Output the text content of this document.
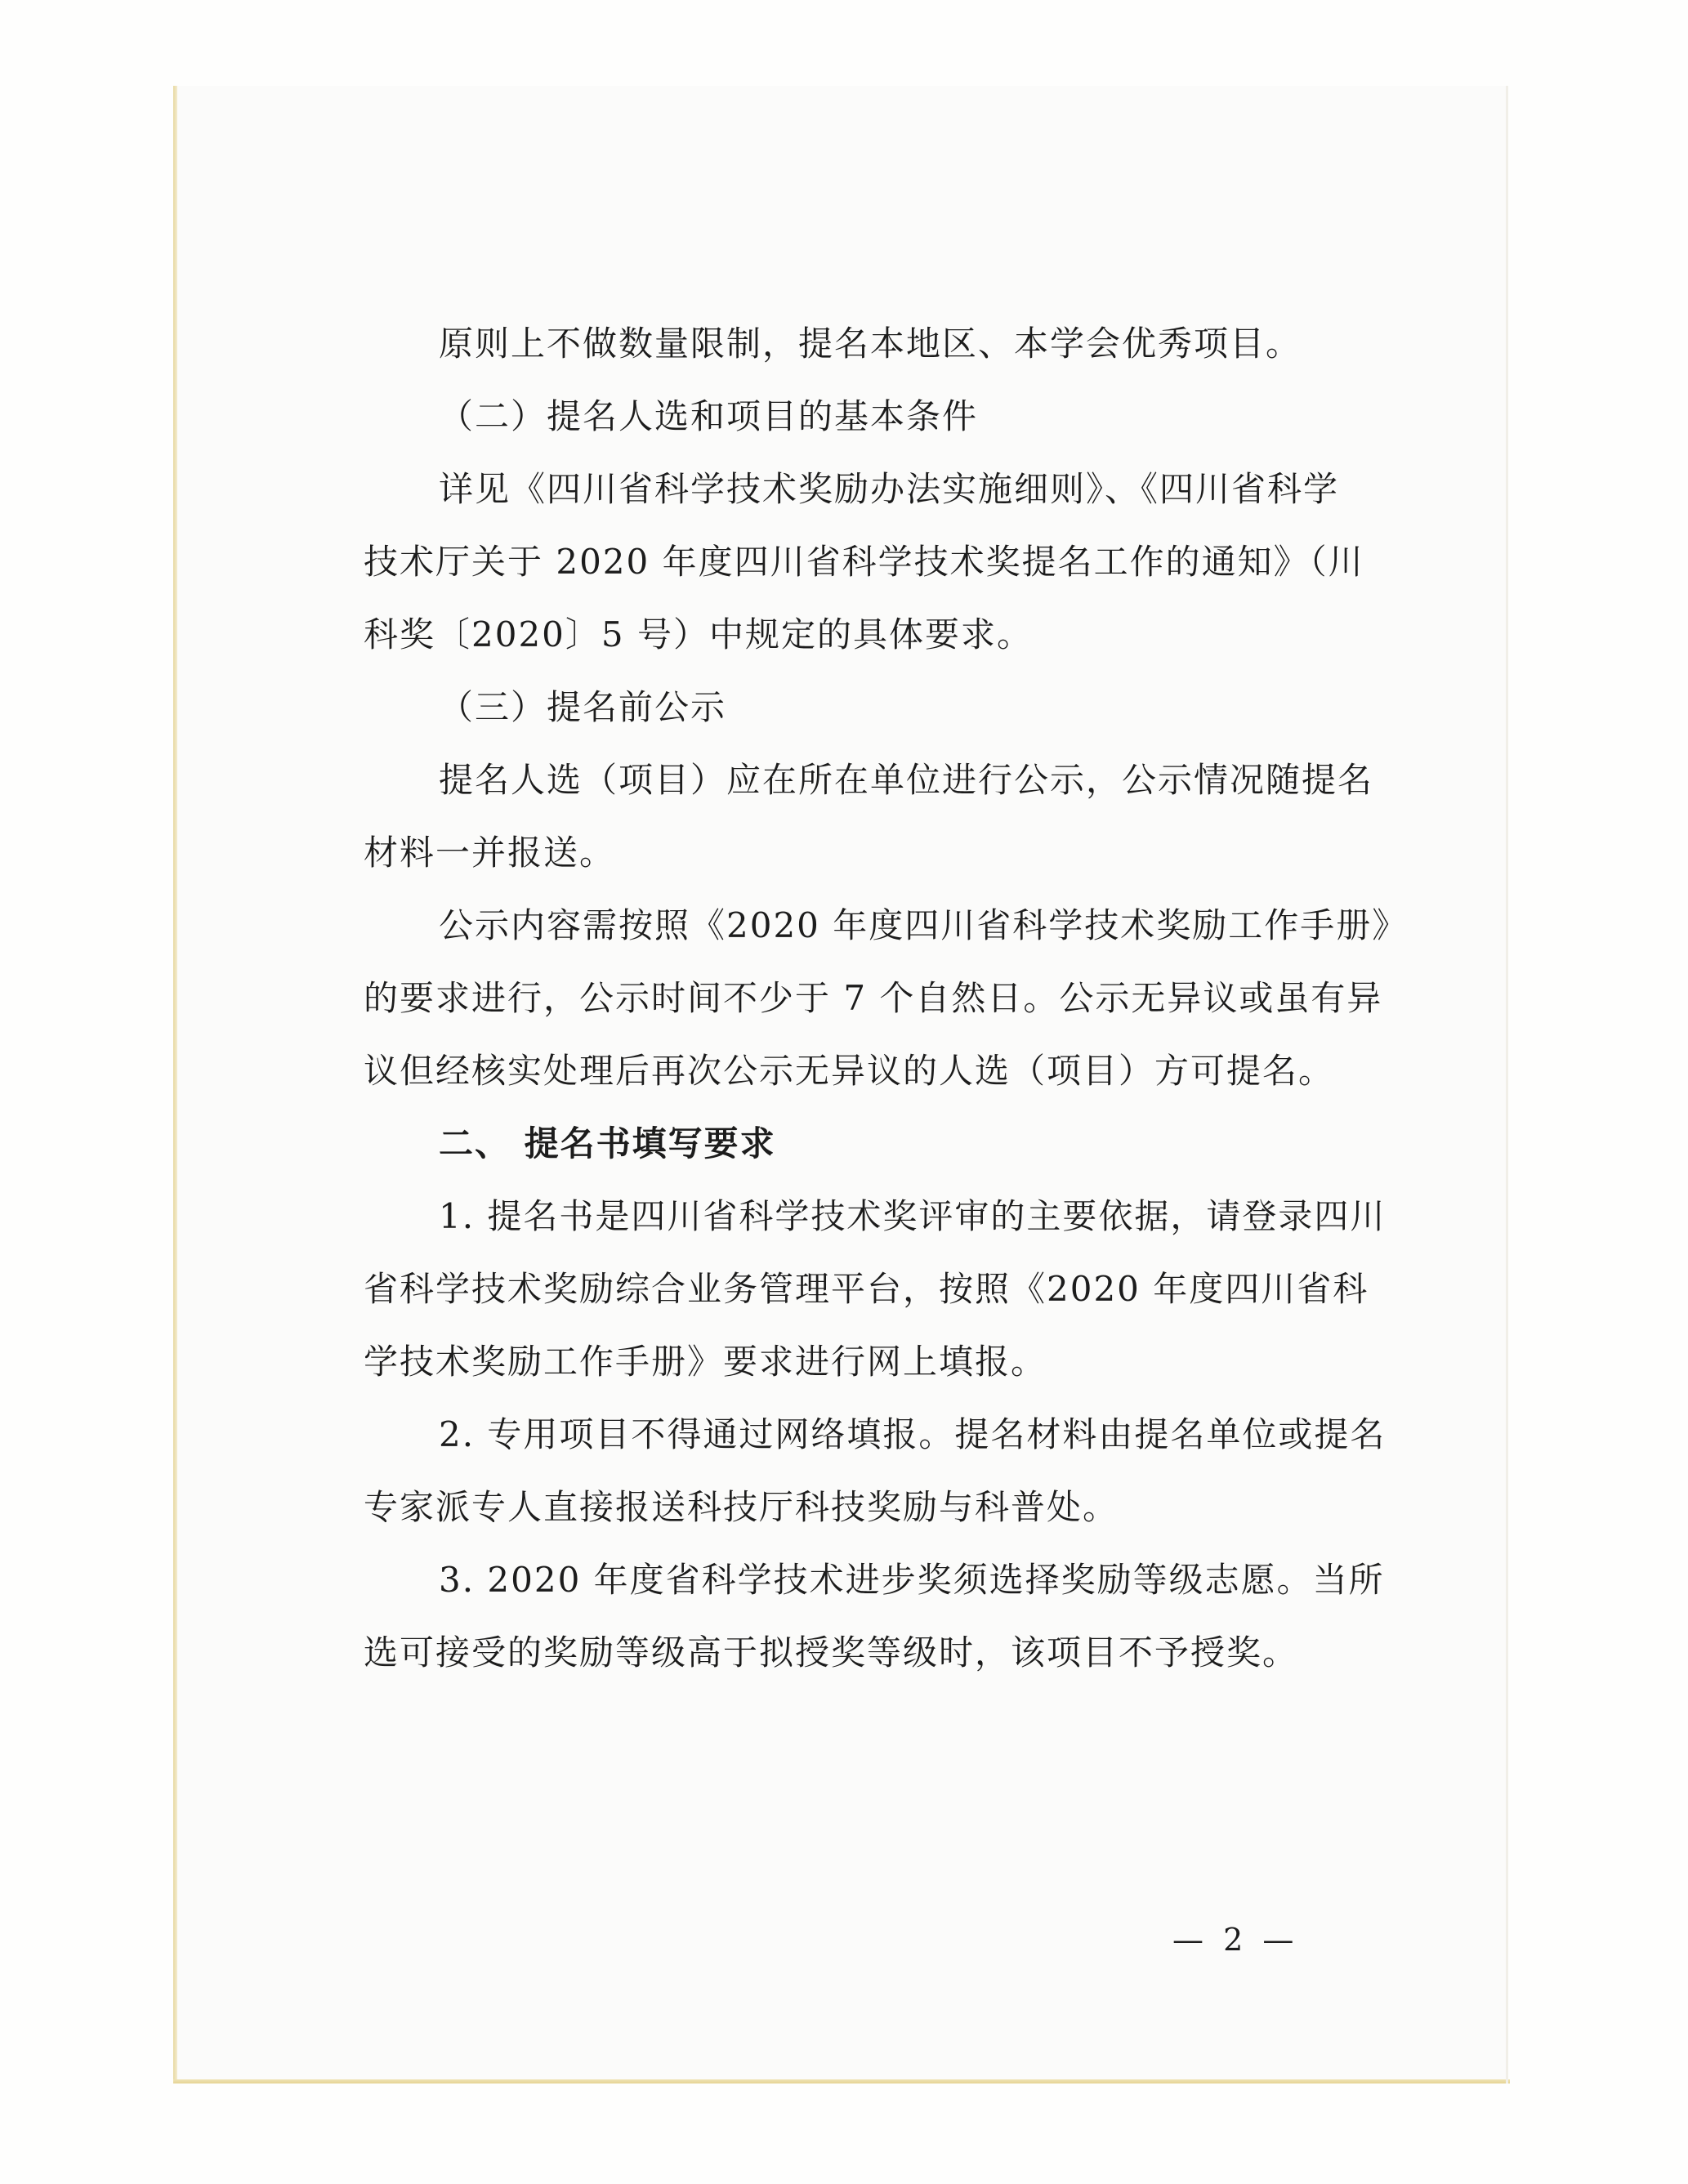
原则上不做数量限制，提名本地区、本学会优秀项目。
（二）提名人选和项目的基本条件
详见《四川省科学技术奖励办法实施细则》、《四川省科学
技术厅关于 2020 年度四川省科学技术奖提名工作的通知》（川
科奖〔2020〕5 号）中规定的具体要求。
（三）提名前公示
提名人选（项目）应在所在单位进行公示，公示情况随提名
材料一并报送。
公示内容需按照《2020 年度四川省科学技术奖励工作手册》
的要求进行，公示时间不少于 7 个自然日。公示无异议或虽有异
议但经核实处理后再次公示无异议的人选（项目）方可提名。
二、 提名书填写要求
1. 提名书是四川省科学技术奖评审的主要依据，请登录四川
省科学技术奖励综合业务管理平台，按照《2020 年度四川省科
学技术奖励工作手册》要求进行网上填报。
2. 专用项目不得通过网络填报。提名材料由提名单位或提名
专家派专人直接报送科技厅科技奖励与科普处。
3. 2020 年度省科学技术进步奖须选择奖励等级志愿。当所
选可接受的奖励等级高于拟授奖等级时，该项目不予授奖。
— 2 —
